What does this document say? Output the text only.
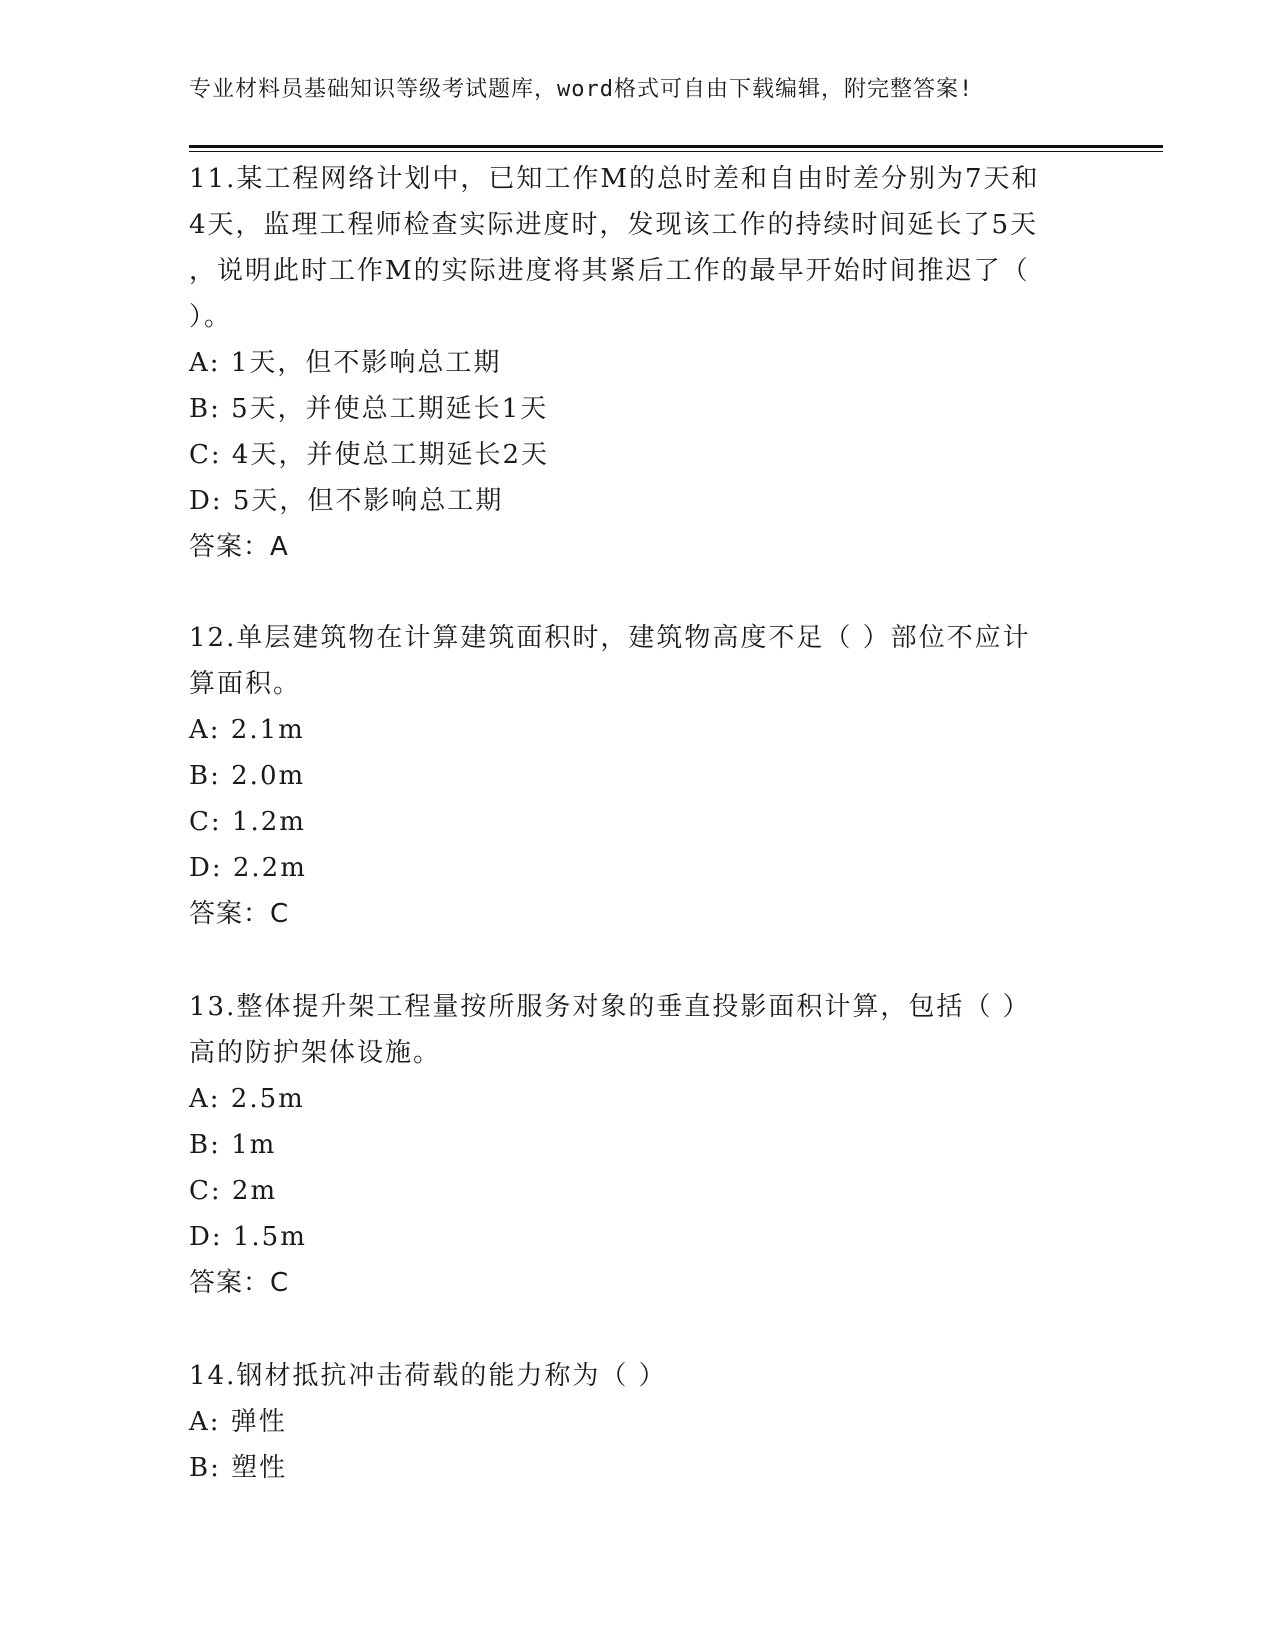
专业材料员基础知识等级考试题库，word格式可自由下载编辑，附完整答案!
11.某工程网络计划中，已知工作M的总时差和自由时差分别为7天和
4天，监理工程师检查实际进度时，发现该工作的持续时间延长了5天
，说明此时工作M的实际进度将其紧后工作的最早开始时间推迟了（
）。
A: 1天，但不影响总工期
B: 5天，并使总工期延长1天
C: 4天，并使总工期延长2天
D: 5天，但不影响总工期
答案：A
12.单层建筑物在计算建筑面积时，建筑物高度不足（ ）部位不应计
算面积。
A: 2.1m
B: 2.0m
C: 1.2m
D: 2.2m
答案：C
13.整体提升架工程量按所服务对象的垂直投影面积计算，包括（ ）
高的防护架体设施。
A: 2.5m
B: 1m
C: 2m
D: 1.5m
答案：C
14.钢材抵抗冲击荷载的能力称为（ ）
A: 弹性
B: 塑性
